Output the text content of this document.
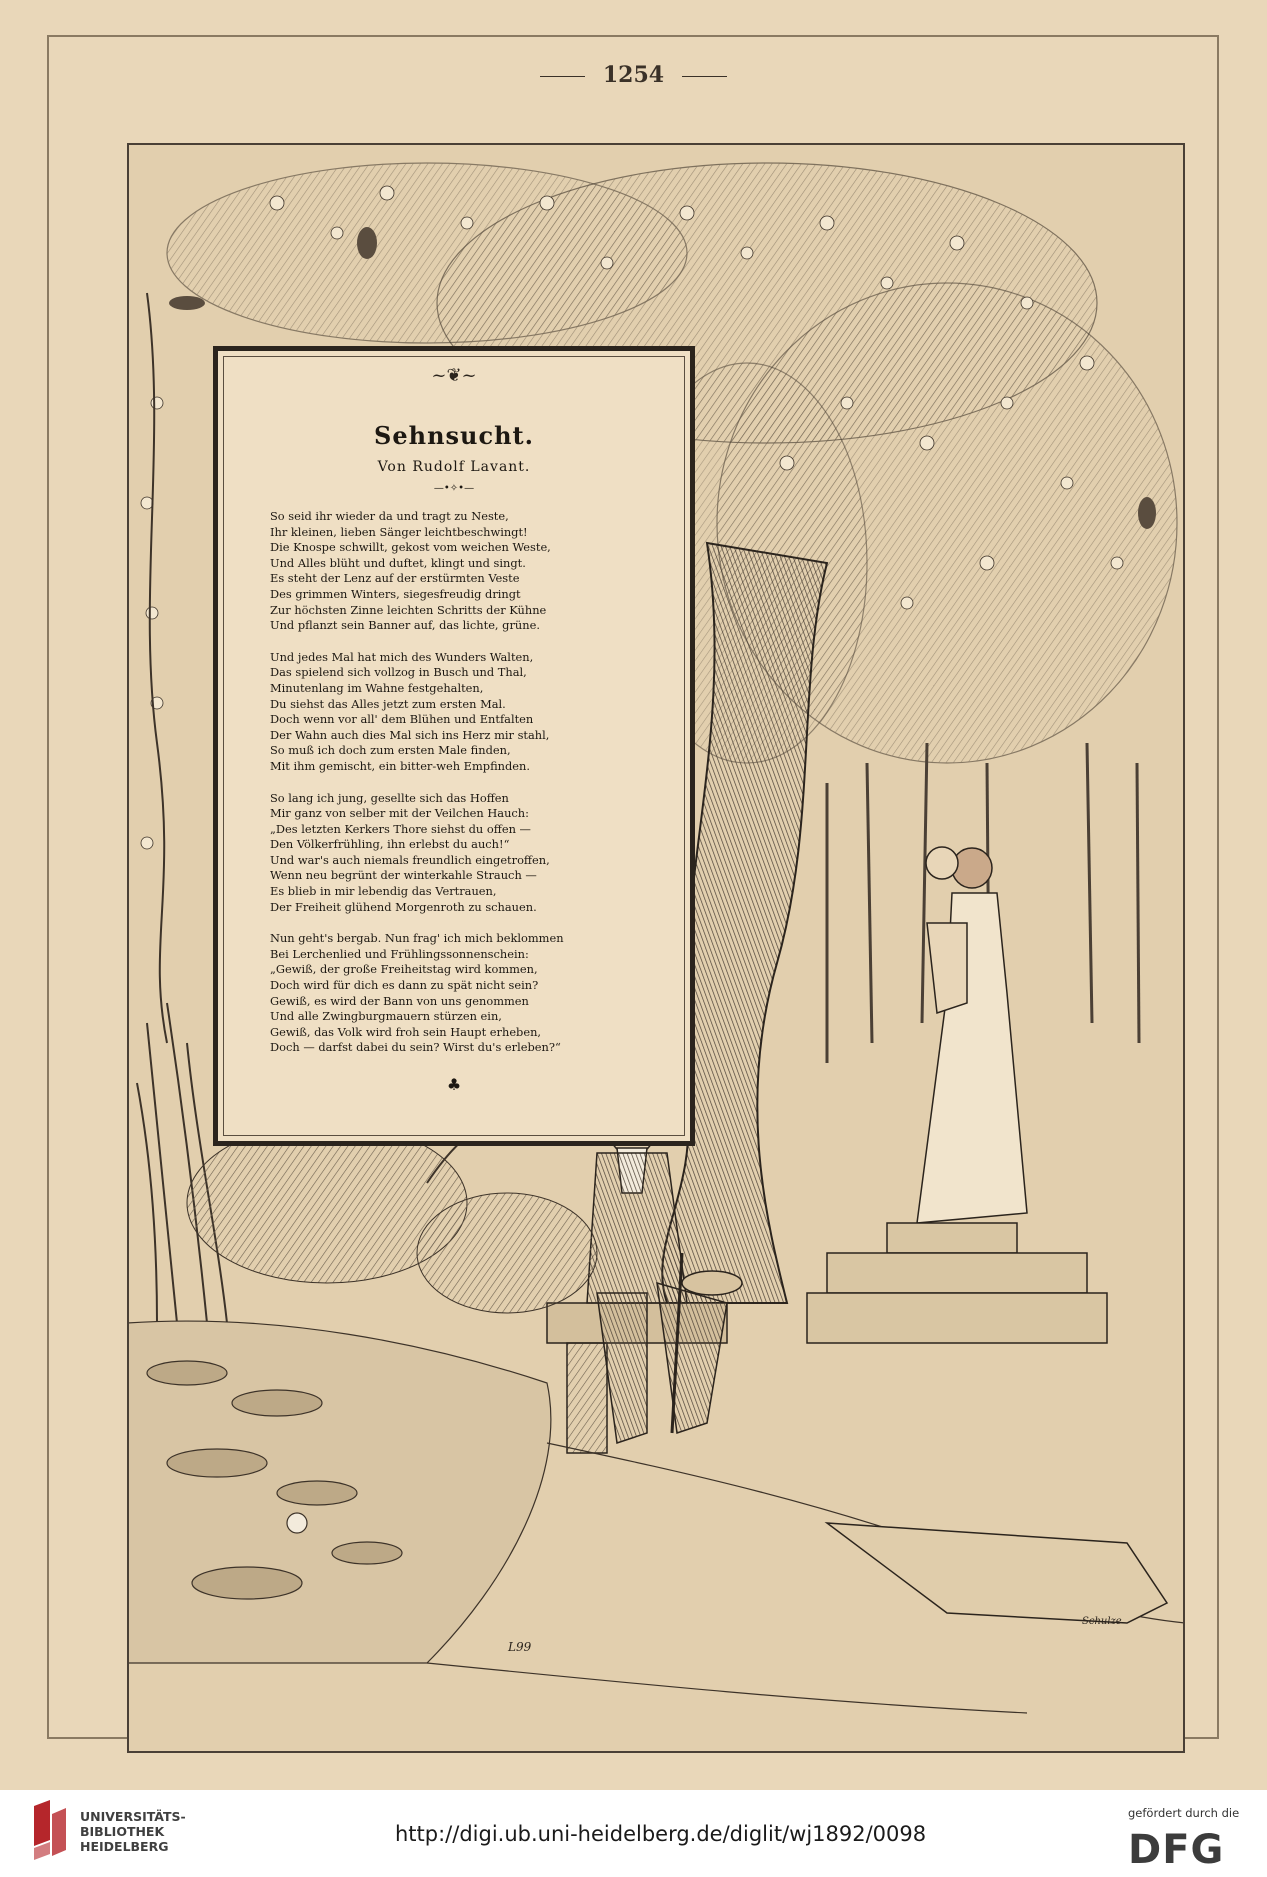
1254
~❦~
Sehnsucht.
Von Rudolf Lavant.
—•✧•—
So seid ihr wieder da und tragt zu Neste,
Ihr kleinen, lieben Sänger leichtbeschwingt!
Die Knospe schwillt, gekost vom weichen Weste,
Und Alles blüht und duftet, klingt und singt.
Es steht der Lenz auf der erstürmten Veste
Des grimmen Winters, siegesfreudig dringt
Zur höchsten Zinne leichten Schritts der Kühne
Und pflanzt sein Banner auf, das lichte, grüne.
Und jedes Mal hat mich des Wunders Walten,
Das spielend sich vollzog in Busch und Thal,
Minutenlang im Wahne festgehalten,
Du siehst das Alles jetzt zum ersten Mal.
Doch wenn vor all' dem Blühen und Entfalten
Der Wahn auch dies Mal sich ins Herz mir stahl,
So muß ich doch zum ersten Male finden,
Mit ihm gemischt, ein bitter-weh Empfinden.
So lang ich jung, gesellte sich das Hoffen
Mir ganz von selber mit der Veilchen Hauch:
„Des letzten Kerkers Thore siehst du offen —
Den Völkerfrühling, ihn erlebst du auch!“
Und war's auch niemals freundlich eingetroffen,
Wenn neu begrünt der winterkahle Strauch —
Es blieb in mir lebendig das Vertrauen,
Der Freiheit glühend Morgenroth zu schauen.
Nun geht's bergab. Nun frag' ich mich beklommen
Bei Lerchenlied und Frühlingssonnenschein:
„Gewiß, der große Freiheitstag wird kommen,
Doch wird für dich es dann zu spät nicht sein?
Gewiß, es wird der Bann von uns genommen
Und alle Zwingburgmauern stürzen ein,
Gewiß, das Volk wird froh sein Haupt erheben,
Doch — darfst dabei du sein? Wirst du's erleben?“
♣
L99
Schulze
UNIVERSITÄTS-
BIBLIOTHEK
HEIDELBERG
http://digi.ub.uni-heidelberg.de/diglit/wj1892/0098
gefördert durch die
DFG
